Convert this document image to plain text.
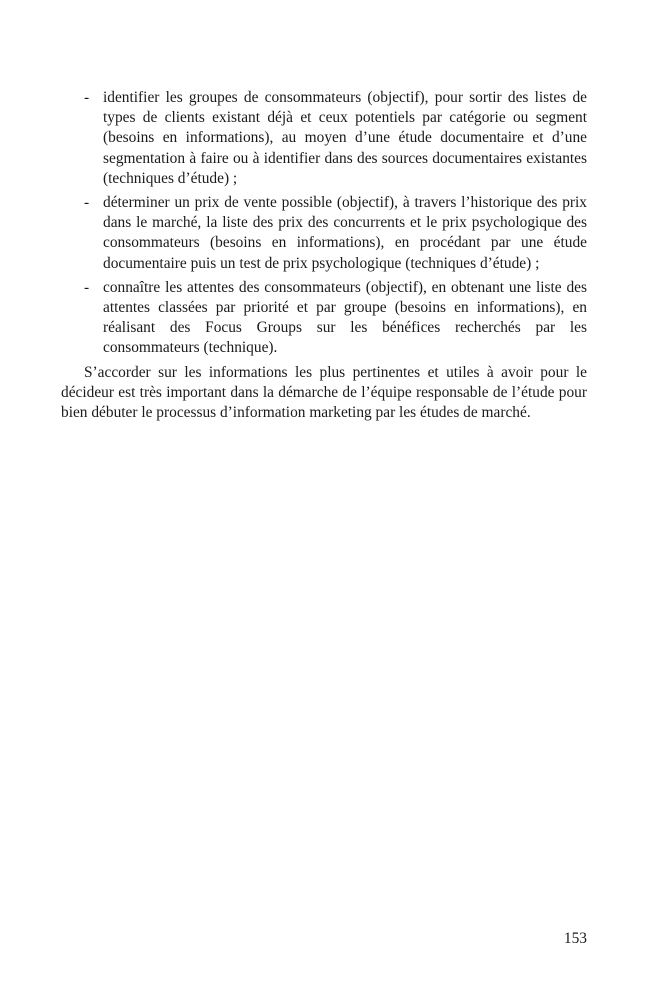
- identifier les groupes de consommateurs (objectif), pour sortir des listes de types de clients existant déjà et ceux potentiels par catégorie ou segment (besoins en informations), au moyen d’une étude documentaire et d’une segmentation à faire ou à identifier dans des sources documentaires existantes (techniques d’étude) ;
- déterminer un prix de vente possible (objectif), à travers l’historique des prix dans le marché, la liste des prix des concurrents et le prix psychologique des consommateurs (besoins en informations), en procédant par une étude documentaire puis un test de prix psychologique (techniques d’étude) ;
- connaître les attentes des consommateurs (objectif), en obtenant une liste des attentes classées par priorité et par groupe (besoins en informations), en réalisant des Focus Groups sur les bénéfices recherchés par les consommateurs (technique).

S’accorder sur les informations les plus pertinentes et utiles à avoir pour le décideur est très important dans la démarche de l’équipe responsable de l’étude pour bien débuter le processus d’information marketing par les études de marché.

153
